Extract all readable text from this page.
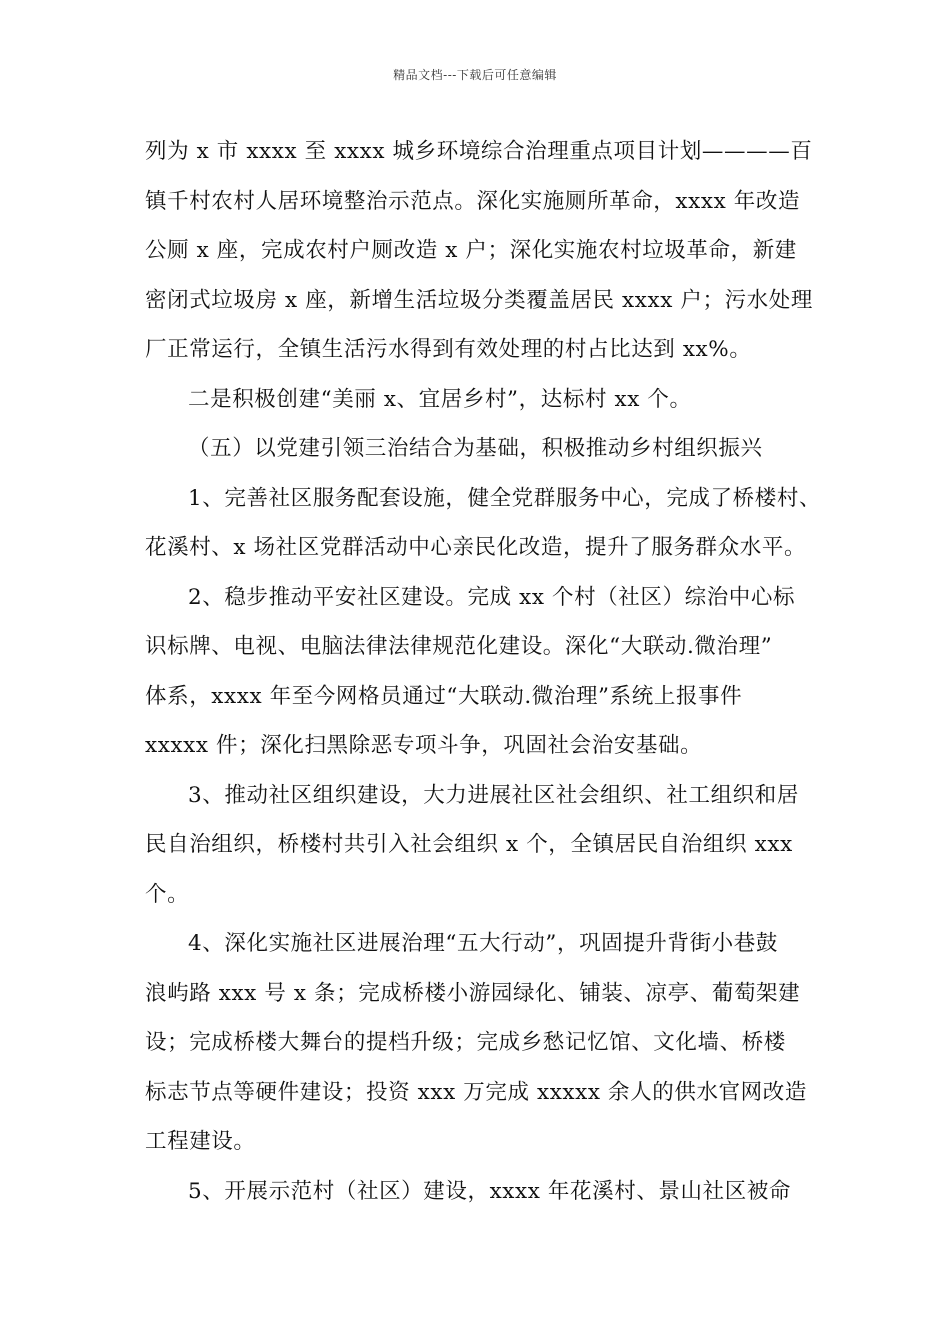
精品文档---下载后可任意编辑
列为 x 市 xxxx 至 xxxx 城乡环境综合治理重点项目计划————百
镇千村农村人居环境整治示范点。深化实施厕所革命，xxxx 年改造
公厕 x 座，完成农村户厕改造 x 户；深化实施农村垃圾革命，新建
密闭式垃圾房 x 座，新增生活垃圾分类覆盖居民 xxxx 户；污水处理
厂正常运行，全镇生活污水得到有效处理的村占比达到 xx%。
二是积极创建“美丽 x、宜居乡村”，达标村 xx 个。
（五）以党建引领三治结合为基础，积极推动乡村组织振兴
1、完善社区服务配套设施，健全党群服务中心，完成了桥楼村、
花溪村、x 场社区党群活动中心亲民化改造，提升了服务群众水平。
2、稳步推动平安社区建设。完成 xx 个村（社区）综治中心标
识标牌、电视、电脑法律法律规范化建设。深化“大联动.微治理”
体系，xxxx 年至今网格员通过“大联动.微治理”系统上报事件
xxxxx 件；深化扫黑除恶专项斗争，巩固社会治安基础。
3、推动社区组织建设，大力进展社区社会组织、社工组织和居
民自治组织，桥楼村共引入社会组织 x 个，全镇居民自治组织 xxx
个。
4、深化实施社区进展治理“五大行动”，巩固提升背街小巷鼓
浪屿路 xxx 号 x 条；完成桥楼小游园绿化、铺装、凉亭、葡萄架建
设；完成桥楼大舞台的提档升级；完成乡愁记忆馆、文化墙、桥楼
标志节点等硬件建设；投资 xxx 万完成 xxxxx 余人的供水官网改造
工程建设。
5、开展示范村（社区）建设，xxxx 年花溪村、景山社区被命
